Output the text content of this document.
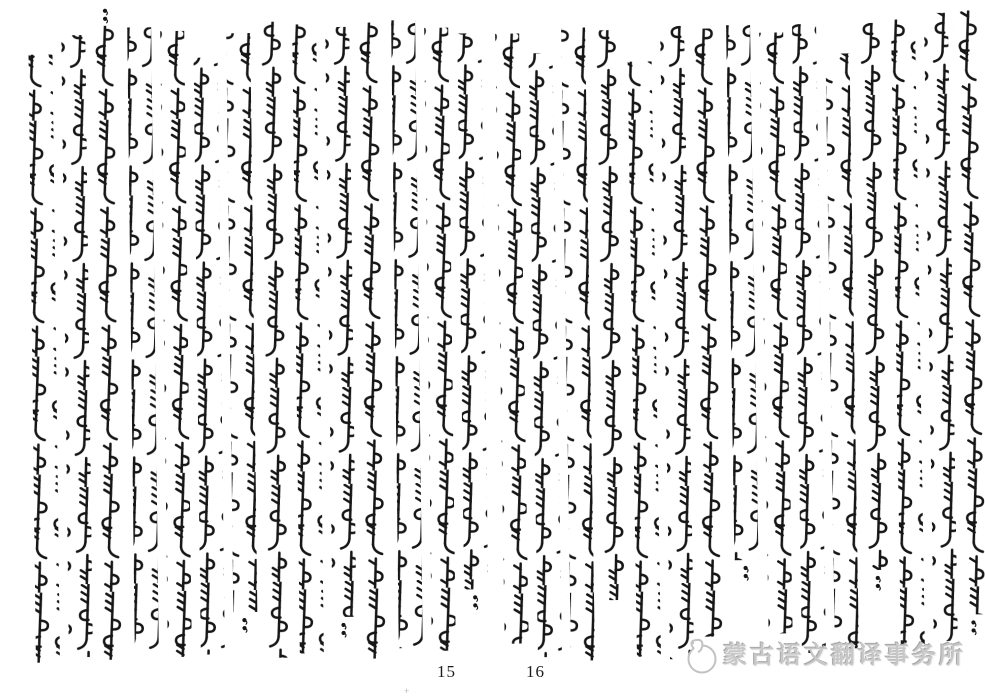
15	16
蒙古语文翻译事务所
+
